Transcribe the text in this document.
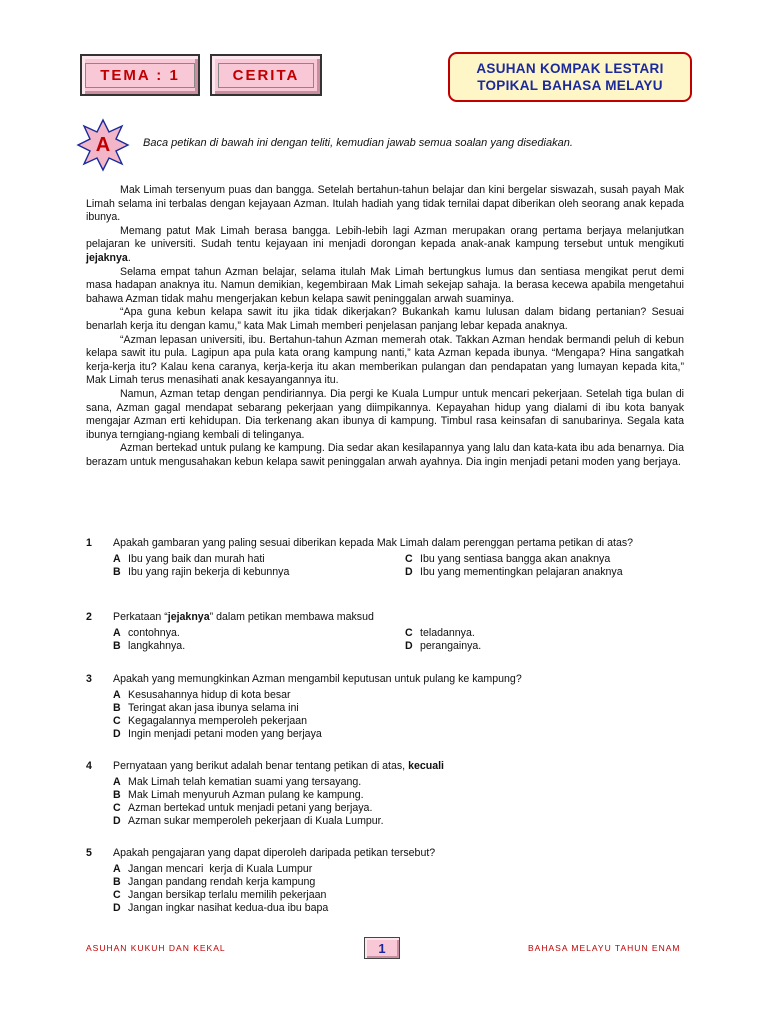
TEMA : 1	CERITA	ASUHAN KOMPAK LESTARI
TOPIKAL BAHASA MELAYU
A	Baca petikan di bawah ini dengan teliti, kemudian jawab semua soalan yang disediakan.

Mak Limah tersenyum puas dan bangga. Setelah bertahun-tahun belajar dan kini bergelar siswazah, susah payah Mak Limah selama ini terbalas dengan kejayaan Azman. Itulah hadiah yang tidak ternilai dapat diberikan oleh seorang anak kepada ibunya.

Memang patut Mak Limah berasa bangga. Lebih-lebih lagi Azman merupakan orang pertama berjaya melanjutkan pelajaran ke universiti. Sudah tentu kejayaan ini menjadi dorongan kepada anak-anak kampung tersebut untuk mengikuti jejaknya.

Selama empat tahun Azman belajar, selama itulah Mak Limah bertungkus lumus dan sentiasa mengikat perut demi masa hadapan anaknya itu. Namun demikian, kegembiraan Mak Limah sekejap sahaja. Ia berasa kecewa apabila mengetahui bahawa Azman tidak mahu mengerjakan kebun kelapa sawit peninggalan arwah suaminya.

“Apa guna kebun kelapa sawit itu jika tidak dikerjakan? Bukankah kamu lulusan dalam bidang pertanian? Sesuai benarlah kerja itu dengan kamu,” kata Mak Limah memberi penjelasan panjang lebar kepada anaknya.

“Azman lepasan universiti, ibu. Bertahun-tahun Azman memerah otak. Takkan Azman hendak bermandi peluh di kebun kelapa sawit itu pula. Lagipun apa pula kata orang kampung nanti,” kata Azman kepada ibunya. “Mengapa? Hina sangatkah kerja-kerja itu? Kalau kena caranya, kerja-kerja itu akan memberikan pulangan dan pendapatan yang lumayan kepada kita,” Mak Limah terus menasihati anak kesayangannya itu.

Namun, Azman tetap dengan pendiriannya. Dia pergi ke Kuala Lumpur untuk mencari pekerjaan. Setelah tiga bulan di sana, Azman gagal mendapat sebarang pekerjaan yang diimpikannya. Kepayahan hidup yang dialami di ibu kota banyak mengajar Azman erti kehidupan. Dia terkenang akan ibunya di kampung. Timbul rasa keinsafan di sanubarinya. Segala kata ibunya terngiang-ngiang kembali di telinganya.

Azman bertekad untuk pulang ke kampung. Dia sedar akan kesilapannya yang lalu dan kata-kata ibu ada benarnya. Dia berazam untuk mengusahakan kebun kelapa sawit peninggalan arwah ayahnya. Dia ingin menjadi petani moden yang berjaya.

1 Apakah gambaran yang paling sesuai diberikan kepada Mak Limah dalam perenggan pertama petikan di atas?
A Ibu yang baik dan murah hati	C Ibu yang sentiasa bangga akan anaknya
B Ibu yang rajin bekerja di kebunnya	D Ibu yang mementingkan pelajaran anaknya
2 Perkataan “jejaknya” dalam petikan membawa maksud
A contohnya.	C teladannya.
B langkahnya.	D perangainya.
3 Apakah yang memungkinkan Azman mengambil keputusan untuk pulang ke kampung?
A Kesusahannya hidup di kota besar
B Teringat akan jasa ibunya selama ini
C Kegagalannya memperoleh pekerjaan
D Ingin menjadi petani moden yang berjaya
4 Pernyataan yang berikut adalah benar tentang petikan di atas, kecuali
A Mak Limah telah kematian suami yang tersayang.
B Mak Limah menyuruh Azman pulang ke kampung.
C Azman bertekad untuk menjadi petani yang berjaya.
D Azman sukar memperoleh pekerjaan di Kuala Lumpur.
5 Apakah pengajaran yang dapat diperoleh daripada petikan tersebut?
A Jangan mencari  kerja di Kuala Lumpur
B Jangan pandang rendah kerja kampung
C Jangan bersikap terlalu memilih pekerjaan
D Jangan ingkar nasihat kedua-dua ibu bapa
ASUHAN KUKUH DAN KEKAL	1	BAHASA MELAYU TAHUN ENAM
